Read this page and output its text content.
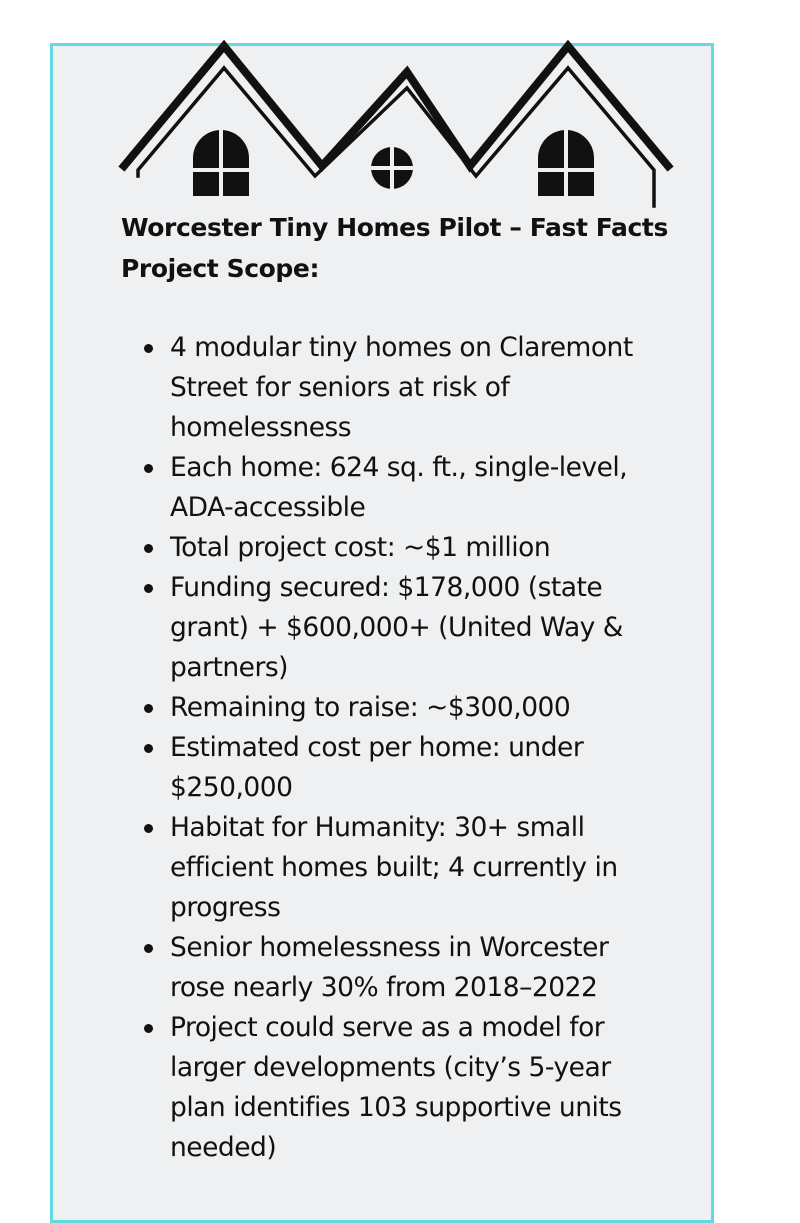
Worcester Tiny Homes Pilot – Fast Facts
Project Scope:
4 modular tiny homes on Claremont Street for seniors at risk of homelessness
Each home: 624 sq. ft., single-level, ADA-accessible
Total project cost: ~$1 million
Funding secured: $178,000 (state grant) + $600,000+ (United Way & partners)
Remaining to raise: ~$300,000
Estimated cost per home: under $250,000
Habitat for Humanity: 30+ small efficient homes built; 4 currently in progress
Senior homelessness in Worcester rose nearly 30% from 2018–2022
Project could serve as a model for larger developments (city’s 5-year plan identifies 103 supportive units needed)
